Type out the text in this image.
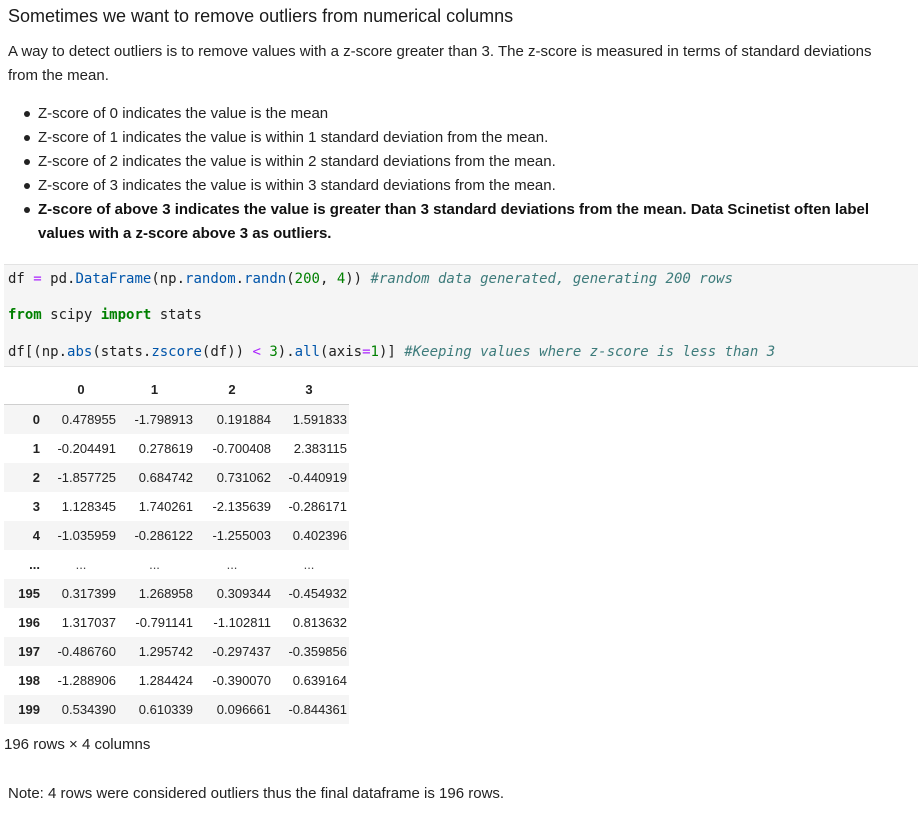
Sometimes we want to remove outliers from numerical columns

A way to detect outliers is to remove values with a z-score greater than 3. The z-score is measured in terms of standard deviations from the mean.

Z-score of 0 indicates the value is the mean
Z-score of 1 indicates the value is within 1 standard deviation from the mean.
Z-score of 2 indicates the value is within 2 standard deviations from the mean.
Z-score of 3 indicates the value is within 3 standard deviations from the mean.
Z-score of above 3 indicates the value is greater than 3 standard deviations from the mean. Data Scinetist often label values with a z-score above 3 as outliers.
df = pd.DataFrame(np.random.randn(200, 4)) #random data generated, generating 200 rows
from scipy import stats
df[(np.abs(stats.zscore(df)) < 3).all(axis=1)] #Keeping values where z-score is less than 3
	0	1	2	3
0	0.478955	-1.798913	0.191884	1.591833
1	-0.204491	0.278619	-0.700408	2.383115
2	-1.857725	0.684742	0.731062	-0.440919
3	1.128345	1.740261	-2.135639	-0.286171
4	-1.035959	-0.286122	-1.255003	0.402396
...	...	...	...	...
195	0.317399	1.268958	0.309344	-0.454932
196	1.317037	-0.791141	-1.102811	0.813632
197	-0.486760	1.295742	-0.297437	-0.359856
198	-1.288906	1.284424	-0.390070	0.639164
199	0.534390	0.610339	0.096661	-0.844361
196 rows × 4 columns
Note: 4 rows were considered outliers thus the final dataframe is 196 rows.
